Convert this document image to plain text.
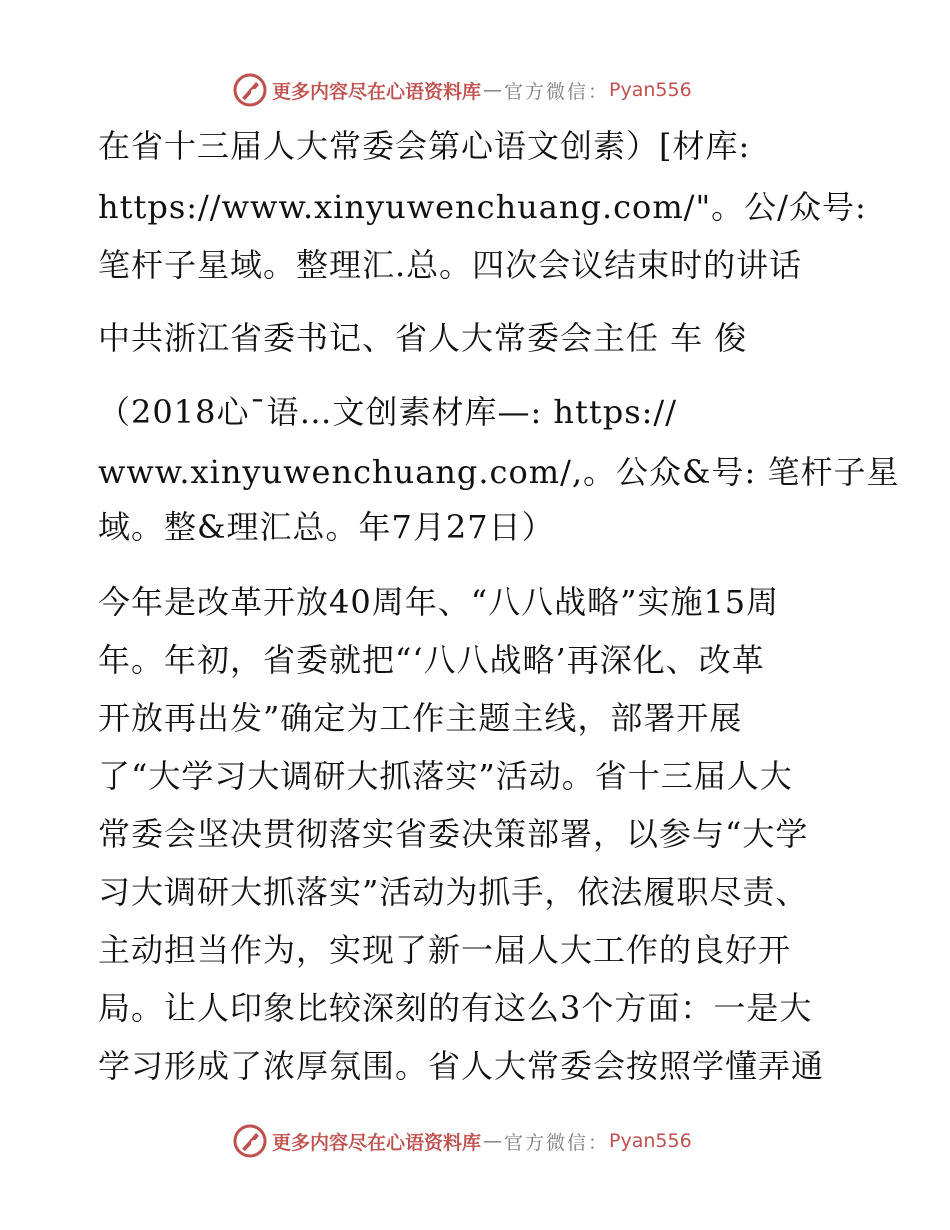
更多内容尽在心语资料库 — 官方微信： Pyan556
在省十三届人大常委会第心语文创素）[材库:
https://www.xinyuwenchuang.com/"。公/众号:
笔杆子星域。整理汇.总。四次会议结束时的讲话
中共浙江省委书记、省人大常委会主任 车 俊
（2018心¯语…文创素材库—: https://
www.xinyuwenchuang.com/,。公众&号: 笔杆子星
域。整&理汇总。年7月27日）
今年是改革开放40周年、“八八战略”实施15周
年。年初，省委就把“‘八八战略’再深化、改革
开放再出发”确定为工作主题主线，部署开展
了“大学习大调研大抓落实”活动。省十三届人大
常委会坚决贯彻落实省委决策部署，以参与“大学
习大调研大抓落实”活动为抓手，依法履职尽责、
主动担当作为，实现了新一届人大工作的良好开
局。让人印象比较深刻的有这么3个方面：一是大
学习形成了浓厚氛围。省人大常委会按照学懂弄通
更多内容尽在心语资料库 — 官方微信： Pyan556
